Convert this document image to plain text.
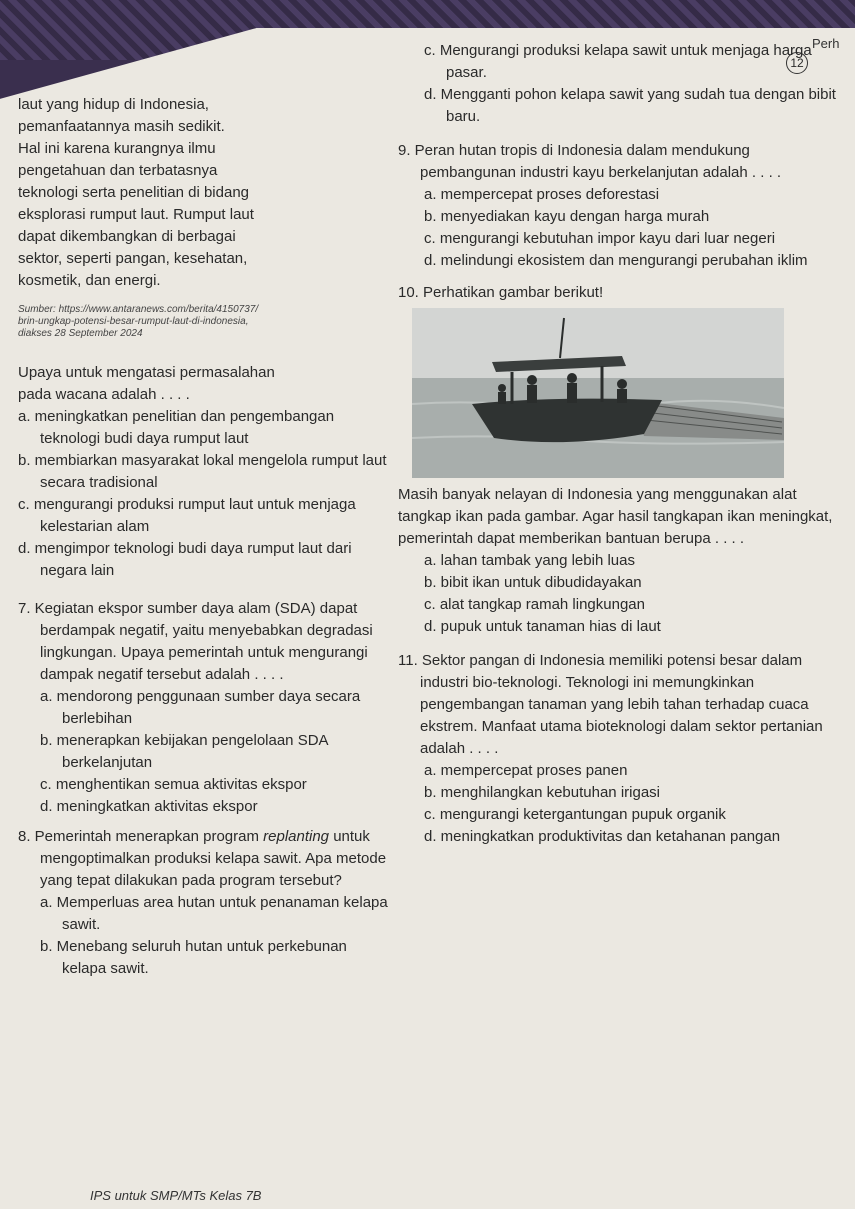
12
Perh

laut yang hidup di Indonesia,

pemanfaatannya masih sedikit.

Hal ini karena kurangnya ilmu

pengetahuan dan terbatasnya

teknologi serta penelitian di bidang

eksplorasi rumput laut. Rumput laut

dapat dikembangkan di berbagai

sektor, seperti pangan, kesehatan,

kosmetik, dan energi.

Sumber: https://www.antaranews.com/berita/4150737/

brin-ungkap-potensi-besar-rumput-laut-di-indonesia,

diakses 28 September 2024

Upaya untuk mengatasi permasalahan

pada wacana adalah . . . .

a. meningkatkan penelitian dan pengembangan teknologi budi daya rumput laut

b. membiarkan masyarakat lokal mengelola rumput laut secara tradisional

c. mengurangi produksi rumput laut untuk menjaga kelestarian alam

d. mengimpor teknologi budi daya rumput laut dari negara lain

7. Kegiatan ekspor sumber daya alam (SDA) dapat berdampak negatif, yaitu menyebabkan degradasi lingkungan. Upaya pemerintah untuk mengurangi dampak negatif tersebut adalah . . . .

a. mendorong penggunaan sumber daya secara berlebihan

b. menerapkan kebijakan pengelolaan SDA berkelanjutan

c. menghentikan semua aktivitas ekspor

d. meningkatkan aktivitas ekspor

8. Pemerintah menerapkan program replanting untuk mengoptimalkan produksi kelapa sawit. Apa metode yang tepat dilakukan pada program tersebut?

a. Memperluas area hutan untuk penanaman kelapa sawit.

b. Menebang seluruh hutan untuk perkebunan kelapa sawit.

c. Mengurangi produksi kelapa sawit untuk menjaga harga pasar.

d. Mengganti pohon kelapa sawit yang sudah tua dengan bibit baru.

9. Peran hutan tropis di Indonesia dalam mendukung pembangunan industri kayu berkelanjutan adalah . . . .

a. mempercepat proses deforestasi

b. menyediakan kayu dengan harga murah

c. mengurangi kebutuhan impor kayu dari luar negeri

d. melindungi ekosistem dan mengurangi perubahan iklim

10. Perhatikan gambar berikut!

Masih banyak nelayan di Indonesia yang menggunakan alat tangkap ikan pada gambar. Agar hasil tangkapan ikan meningkat, pemerintah dapat memberikan bantuan berupa . . . .

a. lahan tambak yang lebih luas

b. bibit ikan untuk dibudidayakan

c. alat tangkap ramah lingkungan

d. pupuk untuk tanaman hias di laut

11. Sektor pangan di Indonesia memiliki potensi besar dalam industri bio-teknologi. Teknologi ini memungkinkan pengembangan tanaman yang lebih tahan terhadap cuaca ekstrem. Manfaat utama bioteknologi dalam sektor pertanian adalah . . . .

a. mempercepat proses panen

b. menghilangkan kebutuhan irigasi

c. mengurangi ketergantungan pupuk organik

d. meningkatkan produktivitas dan ketahanan pangan

IPS untuk SMP/MTs Kelas 7B
